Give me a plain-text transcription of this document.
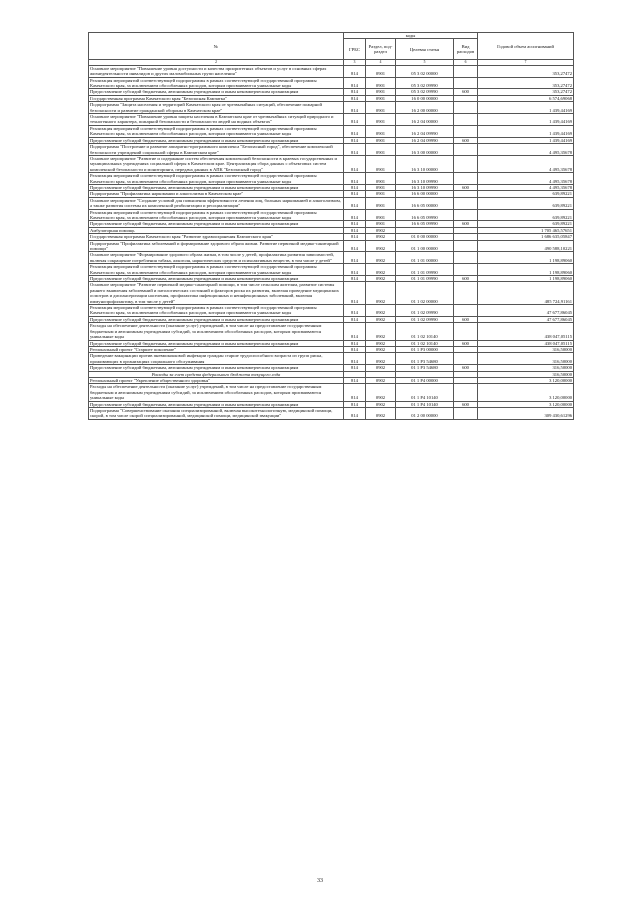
№	коды				Годовой объем ассигнований
	ГРБС	Раздел, под- раздел	Целевая статья	Вид расходов	
2	3	4	5	6	7
Основное мероприятие "Повышение уровня доступности и качества приоритетных объектов и услуг в основных сферах жизнедеятельности инвалидов и других маломобильных групп населения"	814	0901	05 3 02 00000		353,27472
Реализация мероприятий соответствующей подпрограммы в рамках соответствующей государственной программы Камчатского края, за исключением обособленных расходов, которым присваиваются уникальные коды	814	0901	05 3 02 09990		353,27472
Предоставление субсидий бюджетным, автономным учреждениям и иным некоммерческим организациям	814	0901	05 3 02 09990	600	353,27472
Государственная программа Камчатского края "Безопасная Камчатка"	814	0901	16 0 00 00000		6 574,69068
Подпрограмма "Защита населения и территорий Камчатского края от чрезвычайных ситуаций, обеспечение пожарной безопасности и развитие гражданской обороны в Камчатском крае"	814	0901	16 2 00 00000		1 439,44169
Основное мероприятие "Повышение уровня защиты населения в Камчатском крае от чрезвычайных ситуаций природного и техногенного характера, пожарной безопасности и безопасности людей на водных объектах"	814	0901	16 2 04 00000		1 439,44169
Реализация мероприятий соответствующей подпрограммы в рамках соответствующей государственной программы Камчатского края, за исключением обособленных расходов, которым присваиваются уникальные коды	814	0901	16 2 04 09990		1 439,44169
Предоставление субсидий бюджетным, автономным учреждениям и иным некоммерческим организациям	814	0901	16 2 04 09990	600	1 439,44169
Подпрограмма "Построение и развитие аппаратно-программного комплекса "Безопасный город", обеспечение комплексной безопасности учреждений социальной сферы в Камчатском крае"	814	0901	16 3 00 00000		4 495,35678
Основное мероприятие "Развитие и содержание систем обеспечения комплексной безопасности в краевых государственных и муниципальных учреждениях социальной сферы в Камчатском крае. Централизация сбора данных с объектовых систем комплексной безопасности и мониторинга, передача данных в АПК "Безопасный город"	814	0901	16 3 10 00000		4 495,35678
Реализация мероприятий соответствующей подпрограммы в рамках соответствующей государственной программы Камчатского края, за исключением обособленных расходов, которым присваиваются уникальные коды	814	0901	16 3 10 09990		4 495,35678
Предоставление субсидий бюджетным, автономным учреждениям и иным некоммерческим организациям	814	0901	16 3 10 09990	600	4 495,35678
Подпрограмма "Профилактика наркомании и алкоголизма в Камчатском крае"	814	0901	16 6 00 00000		639,89221
Основное мероприятие "Создание условий для повышения эффективности лечения лиц, больных наркоманией и алкоголизмом, а также развития системы их комплексной реабилитации и ресоциализации"	814	0901	16 6 05 00000		639,89221
Реализация мероприятий соответствующей подпрограммы в рамках соответствующей государственной программы Камчатского края, за исключением обособленных расходов, которым присваиваются уникальные коды	814	0901	16 6 05 09990		639,89221
Предоставление субсидий бюджетным, автономным учреждениям и иным некоммерческим организациям	814	0901	16 6 05 09990	600	639,89221
Амбулаторная помощь	814	0902			1 705 465,57651
Государственная программа Камчатского края "Развитие здравоохранения Камчатского края"	814	0902	01 0 00 00000		1 686 635,05847
Подпрограмма "Профилактика заболеваний и формирование здорового образа жизни. Развитие первичной медико-санитарной помощи"	814	0902	01 1 00 00000		490 588,10221
Основное мероприятие "Формирование здорового образа жизни, в том числе у детей, профилактика развития зависимостей, включая сокращение потребления табака, алкоголя, наркотических средств и психоактивных веществ, в том числе у детей"	814	0902	01 1 01 00000		1 198,89060
Реализация мероприятий соответствующей подпрограммы в рамках соответствующей государственной программы Камчатского края, за исключением обособленных расходов, которым присваиваются уникальные коды	814	0902	01 1 01 09990		1 198,89060
Предоставление субсидий бюджетным, автономным учреждениям и иным некоммерческим организациям	814	0902	01 1 01 09990	600	1 198,89060
Основное мероприятие "Развитие первичной медико-санитарной помощи, в том числе сельским жителям, развитие системы раннего выявления заболеваний и патологических состояний и факторов риска их развития, включая проведение медицинских осмотров и диспансеризации населения, профилактика инфекционных и неинфекционных заболеваний, включая иммунопрофилактику, в том числе у детей"	814	0902	01 1 02 00000		485 724,91161
Реализация мероприятий соответствующей подпрограммы в рамках соответствующей государственной программы Камчатского края, за исключением обособленных расходов, которым присваиваются уникальные коды	814	0902	01 1 02 09990		47 677,86045
Предоставление субсидий бюджетным, автономным учреждениям и иным некоммерческим организациям	814	0902	01 1 02 09990	600	47 677,86045
Расходы на обеспечение деятельности (оказание услуг) учреждений, в том числе на предоставление государственным бюджетным и автономным учреждениям субсидий, за исключением обособленных расходов, которым присваиваются уникальные коды	814	0902	01 1 02 10140		438 047,05115
Предоставление субсидий бюджетным, автономным учреждениям и иным некоммерческим организациям	814	0902	01 1 02 10140	600	438 047,05115
Региональный проект "Старшее поколение"	814	0902	01 1 P3 00000		316,50000
Проведение вакцинации против пневмококковой инфекции граждан старше трудоспособного возраста из групп риска, проживающих в организациях социального обслуживания	814	0902	01 1 P3 54680		316,50000
Предоставление субсидий бюджетным, автономным учреждениям и иным некоммерческим организациям	814	0902	01 1 P3 54680	600	316,50000
Расходы за счет средств федерального бюджета текущего года					316,50000
Региональный проект "Укрепление общественного здоровья"	814	0902	01 1 P4 00000		3 120,00000
Расходы на обеспечение деятельности (оказание услуг) учреждений, в том числе на предоставление государственным бюджетным и автономным учреждениям субсидий, за исключением обособленных расходов, которым присваиваются уникальные коды	814	0902	01 1 P4 10140		3 120,00000
Предоставление субсидий бюджетным, автономным учреждениям и иным некоммерческим организациям	814	0902	01 1 P4 10140	600	3 120,00000
Подпрограмма "Совершенствование оказания специализированной, включая высокотехнологичную, медицинской помощи, скорой, в том числе скорой специализированной, медицинской помощи, медицинской эвакуации"	814	0902	01 2 00 00000		309 430,61296
33
